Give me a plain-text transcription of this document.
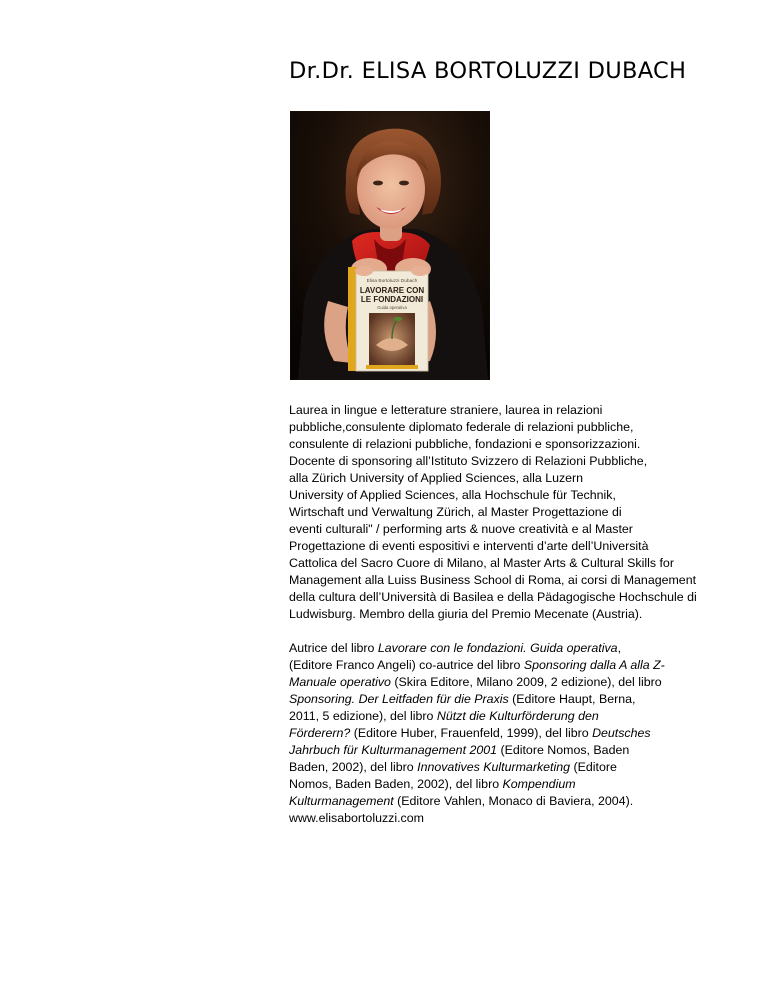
Dr.Dr. ELISA BORTOLUZZI DUBACH
Elisa Bortoluzzi Dubach
LAVORARE CON
LE FONDAZIONI
Guida operativa

Laurea in lingue e letterature straniere, laurea in relazioni
pubbliche,consulente diplomato federale di relazioni pubbliche,
consulente di relazioni pubbliche, fondazioni e sponsorizzazioni.
Docente di sponsoring all’Istituto Svizzero di Relazioni Pubbliche,
alla Zürich University of Applied Sciences, alla Luzern
University of Applied Sciences, alla Hochschule für Technik,
Wirtschaft und Verwaltung Zürich, al Master Progettazione di
eventi culturali" / performing arts & nuove creatività e al Master
Progettazione di eventi espositivi e interventi d’arte dell’Università
Cattolica del Sacro Cuore di Milano, al Master Arts & Cultural Skills for
Management alla Luiss Business School di Roma, ai corsi di Management
della cultura dell’Università di Basilea e della Pädagogische Hochschule di
Ludwisburg. Membro della giuria del Premio Mecenate (Austria).

Autrice del libro Lavorare con le fondazioni. Guida operativa,
(Editore Franco Angeli) co-autrice del libro Sponsoring dalla A alla Z-
Manuale operativo (Skira Editore, Milano 2009, 2 edizione), del libro
Sponsoring. Der Leitfaden für die Praxis (Editore Haupt, Berna,
2011, 5 edizione), del libro Nützt die Kulturförderung den
Förderern? (Editore Huber, Frauenfeld, 1999), del libro Deutsches
Jahrbuch für Kulturmanagement 2001 (Editore Nomos, Baden
Baden, 2002), del libro Innovatives Kulturmarketing (Editore
Nomos, Baden Baden, 2002), del libro Kompendium
Kulturmanagement (Editore Vahlen, Monaco di Baviera, 2004).
www.elisabortoluzzi.com
